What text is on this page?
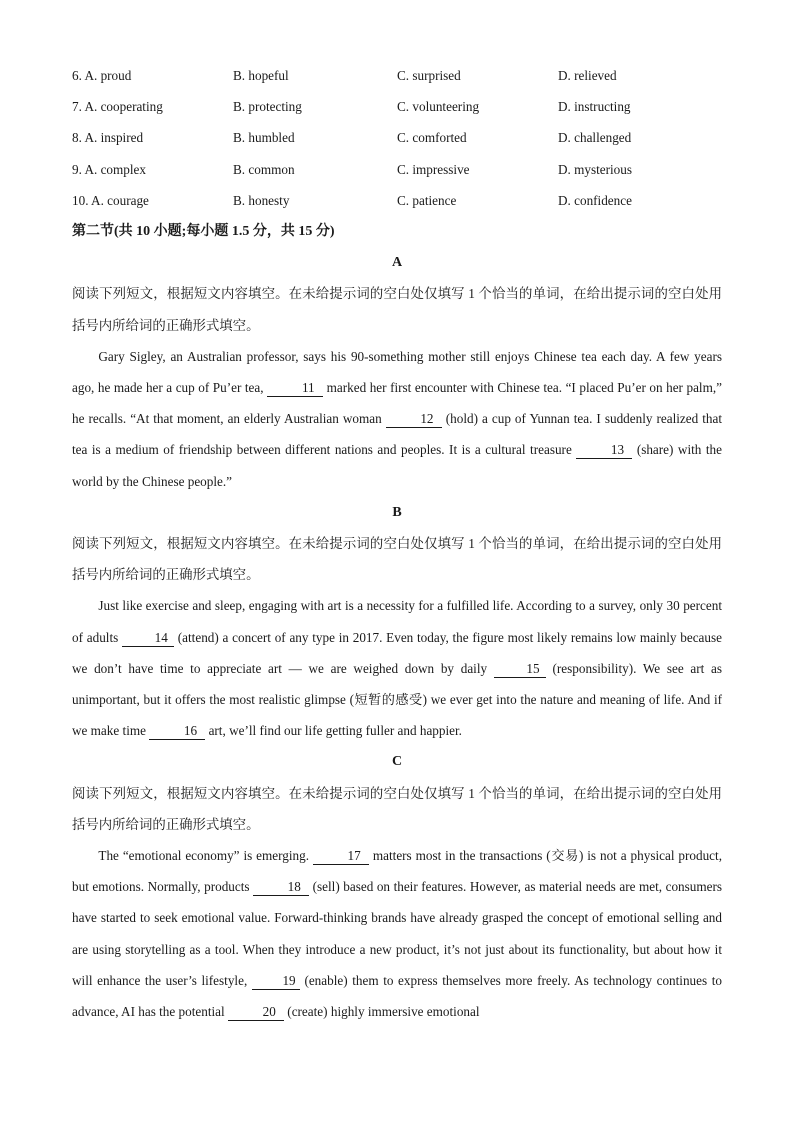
6. A. proud	B. hopeful	C. surprised	D. relieved
7. A. cooperating	B. protecting	C. volunteering	D. instructing
8. A. inspired	B. humbled	C. comforted	D. challenged
9. A. complex	B. common	C. impressive	D. mysterious
10. A. courage	B. honesty	C. patience	D. confidence
第二节(共 10 小题;每小题 1.5 分，共 15 分)
A
阅读下列短文，根据短文内容填空。在未给提示词的空白处仅填写 1 个恰当的单词，在给出提示词的空白处用括号内所给词的正确形式填空。
Gary Sigley, an Australian professor, says his 90-something mother still enjoys Chinese tea each day. A few years ago, he made her a cup of Pu’er tea,	11 marked her first encounter with Chinese tea. “I placed Pu’er on her palm,” he recalls. “At that moment, an elderly Australian woman	12 (hold) a cup of Yunnan tea. I suddenly realized that tea is a medium of friendship between different nations and peoples. It is a cultural treasure	13 (share) with the world by the Chinese people.”
B
阅读下列短文，根据短文内容填空。在未给提示词的空白处仅填写 1 个恰当的单词，在给出提示词的空白处用括号内所给词的正确形式填空。
Just like exercise and sleep, engaging with art is a necessity for a fulfilled life. According to a survey, only 30 percent of adults 14 (attend) a concert of any type in 2017. Even today, the figure most likely remains low mainly because we don’t have time to appreciate art — we are weighed down by daily 15 (responsibility). We see art as unimportant, but it offers the most realistic glimpse (短暂的感受) we ever get into the nature and meaning of life. And if we make time	16 art, we’ll find our life getting fuller and happier.
C
阅读下列短文，根据短文内容填空。在未给提示词的空白处仅填写 1 个恰当的单词，在给出提示词的空白处用括号内所给词的正确形式填空。
The “emotional economy” is emerging.	17 matters most in the transactions (交易) is not a physical product, but emotions. Normally, products	18 (sell) based on their features. However, as material needs are met, consumers have started to seek emotional value. Forward-thinking brands have already grasped the concept of emotional selling and are using storytelling as a tool. When they introduce a new product, it’s not just about its functionality, but about how it will enhance the user’s lifestyle, 19 (enable) them to express themselves more freely. As technology continues to advance, AI has the potential	20 (create) highly immersive emotional
